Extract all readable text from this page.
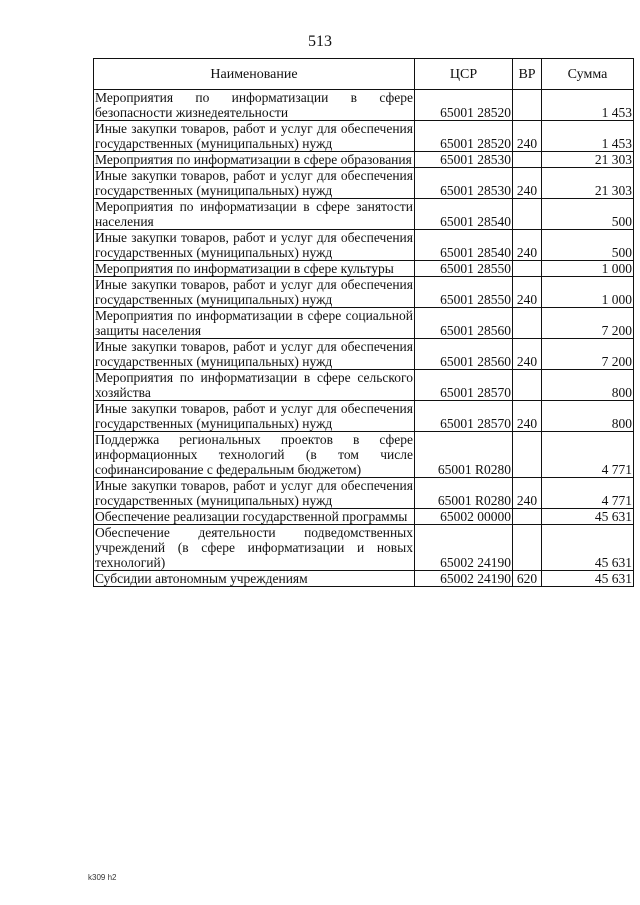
513
Наименование	ЦСР	ВР	Сумма
Мероприятия по информатизации в сфере безопасности жизнедеятельности	65001 28520		1 453
Иные закупки товаров, работ и услуг для обеспечения государственных (муниципальных) нужд	65001 28520	240	1 453
Мероприятия по информатизации в сфере образования	65001 28530		21 303
Иные закупки товаров, работ и услуг для обеспечения государственных (муниципальных) нужд	65001 28530	240	21 303
Мероприятия по информатизации в сфере занятости населения	65001 28540		500
Иные закупки товаров, работ и услуг для обеспечения государственных (муниципальных) нужд	65001 28540	240	500
Мероприятия по информатизации в сфере культуры	65001 28550		1 000
Иные закупки товаров, работ и услуг для обеспечения государственных (муниципальных) нужд	65001 28550	240	1 000
Мероприятия по информатизации в сфере социальной защиты населения	65001 28560		7 200
Иные закупки товаров, работ и услуг для обеспечения государственных (муниципальных) нужд	65001 28560	240	7 200
Мероприятия по информатизации в сфере сельского хозяйства	65001 28570		800
Иные закупки товаров, работ и услуг для обеспечения государственных (муниципальных) нужд	65001 28570	240	800
Поддержка региональных проектов в сфере информационных технологий (в том числе софинансирование с федеральным бюджетом)	65001 R0280		4 771
Иные закупки товаров, работ и услуг для обеспечения государственных (муниципальных) нужд	65001 R0280	240	4 771
Обеспечение реализации государственной программы	65002 00000		45 631
Обеспечение деятельности подведомственных учреждений (в сфере информатизации и новых технологий)	65002 24190		45 631
Субсидии автономным учреждениям	65002 24190	620	45 631
k309 h2
